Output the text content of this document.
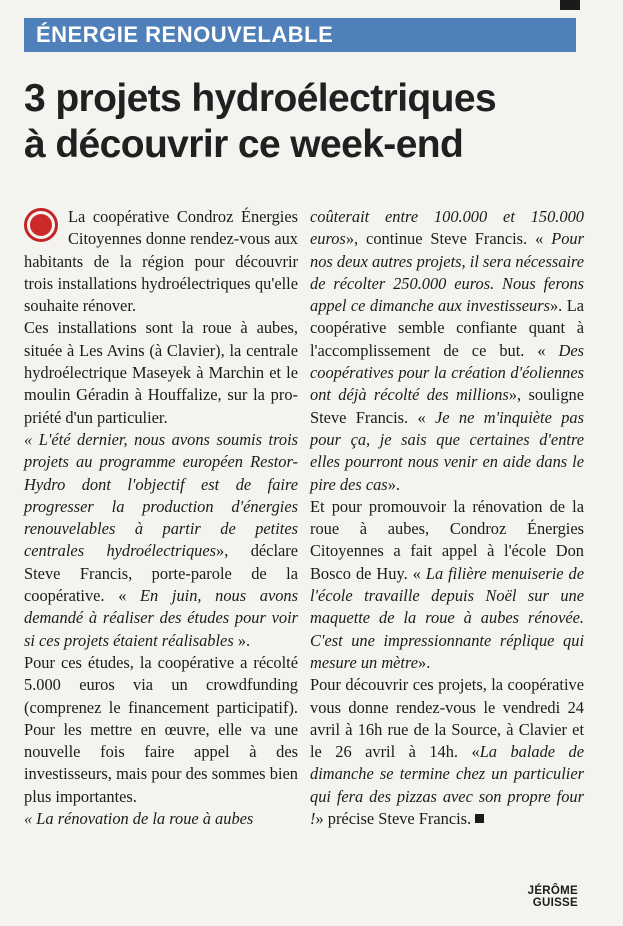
ÉNERGIE RENOUVELABLE
3 projets hydroélectriques
à découvrir ce week-end

La coopérative Condroz Énergies Citoyennes donne rendez-vous aux habitants de la région pour découvrir trois installations hydroélectriques qu'elle souhaite rénover.

Ces installations sont la roue à aubes, située à Les Avins (à Clavier), la centrale hydroélectrique Maseyek à Marchin et le moulin Géradin à Houffalize, sur la propriété d'un particulier.

« L'été dernier, nous avons soumis trois projets au programme européen Restor-Hydro dont l'objectif est de faire progresser la production d'énergies renouvelables à partir de petites centrales hydroélectriques», déclare Steve Francis, porte-parole de la coopérative. « En juin, nous avons demandé à réaliser des études pour voir si ces projets étaient réalisables ».

Pour ces études, la coopérative a récolté 5.000 euros via un crowdfunding (comprenez le financement participatif). Pour les mettre en œuvre, elle va une nouvelle fois faire appel à des investisseurs, mais pour des sommes bien plus importantes.

« La rénovation de la roue à aubes

coûterait entre 100.000 et 150.000 euros», continue Steve Francis. « Pour nos deux autres projets, il sera nécessaire de récolter 250.000 euros. Nous ferons appel ce dimanche aux investisseurs». La coopérative semble confiante quant à l'accomplissement de ce but. « Des coopératives pour la création d'éoliennes ont déjà récolté des millions», souligne Steve Francis. « Je ne m'inquiète pas pour ça, je sais que certaines d'entre elles pourront nous venir en aide dans le pire des cas».

Et pour promouvoir la rénovation de la roue à aubes, Condroz Énergies Citoyennes a fait appel à l'école Don Bosco de Huy. « La filière menuiserie de l'école travaille depuis Noël sur une maquette de la roue à aubes rénovée. C'est une impressionnante réplique qui mesure un mètre».

Pour découvrir ces projets, la coopérative vous donne rendez-vous le vendredi 24 avril à 16h rue de la Source, à Clavier et le 26 avril à 14h. «La balade de dimanche se termine chez un particulier qui fera des pizzas avec son propre four !» précise Steve Francis.

JÉRÔME GUISSE
